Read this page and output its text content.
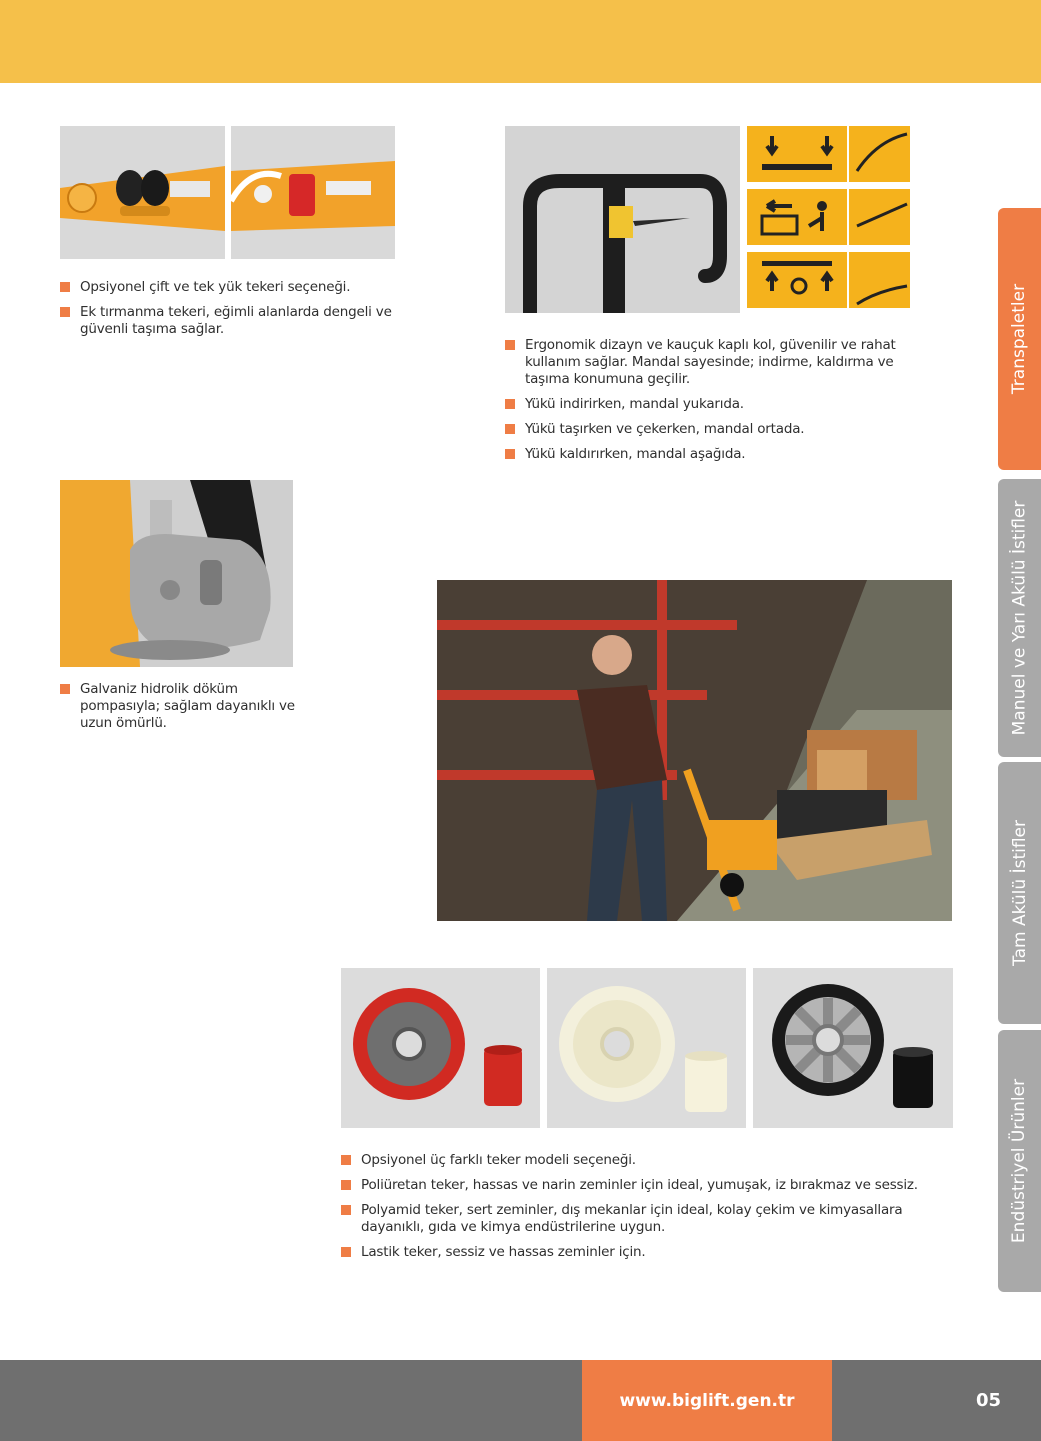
Opsiyonel çift ve tek yük tekeri seçeneği.
Ek tırmanma tekeri, eğimli alanlarda dengeli ve güvenli taşıma sağlar.
Ergonomik dizayn ve kauçuk kaplı kol, güvenilir ve rahat kullanım sağlar. Mandal sayesinde; indirme, kaldırma ve taşıma konumuna geçilir.
Yükü indirirken, mandal yukarıda.
Yükü taşırken ve çekerken, mandal ortada.
Yükü kaldırırken, mandal aşağıda.
Galvaniz hidrolik döküm pompasıyla; sağlam dayanıklı ve uzun ömürlü.
Opsiyonel üç farklı teker modeli seçeneği.
Poliüretan teker, hassas ve narin zeminler için ideal, yumuşak, iz bırakmaz ve sessiz.
Polyamid teker, sert zeminler, dış mekanlar için ideal, kolay çekim ve kimyasallara dayanıklı, gıda ve kimya endüstrilerine uygun.
Lastik teker, sessiz ve hassas zeminler için.
Transpaletler
Manuel ve Yarı Akülü İstifler
Tam Akülü İstifler
Endüstriyel Ürünler
www.biglift.gen.tr	05
